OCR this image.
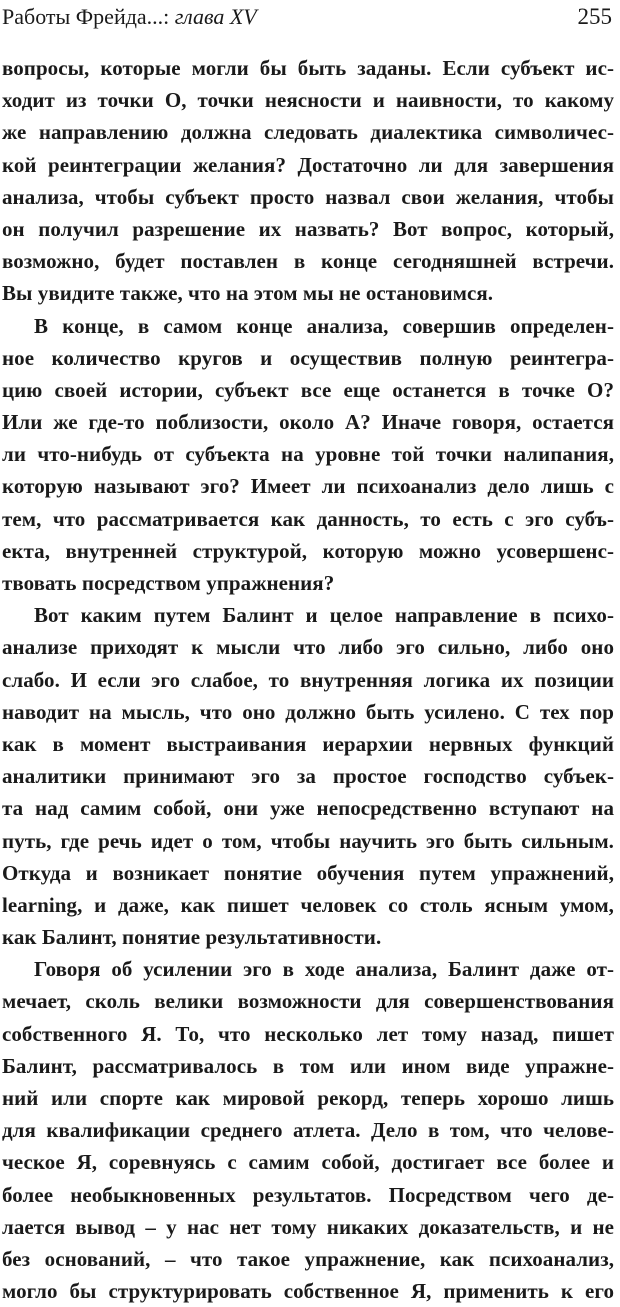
Работы Фрейда...: глава XV	255
вопросы, которые могли бы быть заданы. Если субъект ис-
ходит из точки О, точки неясности и наивности, то какому
же направлению должна следовать диалектика символичес-
кой реинтеграции желания? Достаточно ли для завершения
анализа, чтобы субъект просто назвал свои желания, чтобы
он получил разрешение их назвать? Вот вопрос, который,
возможно, будет поставлен в конце сегодняшней встречи.
Вы увидите также, что на этом мы не остановимся.
В конце, в самом конце анализа, совершив определен-
ное количество кругов и осуществив полную реинтегра-
цию своей истории, субъект все еще останется в точке О?
Или же где-то поблизости, около А? Иначе говоря, остается
ли что-нибудь от субъекта на уровне той точки налипания,
которую называют эго? Имеет ли психоанализ дело лишь с
тем, что рассматривается как данность, то есть с эго субъ-
екта, внутренней структурой, которую можно усовершенс-
твовать посредством упражнения?
Вот каким путем Балинт и целое направление в психо-
анализе приходят к мысли что либо эго сильно, либо оно
слабо. И если эго слабое, то внутренняя логика их позиции
наводит на мысль, что оно должно быть усилено. С тех пор
как в момент выстраивания иерархии нервных функций
аналитики принимают эго за простое господство субъек-
та над самим собой, они уже непосредственно вступают на
путь, где речь идет о том, чтобы научить эго быть сильным.
Откуда и возникает понятие обучения путем упражнений,
learning, и даже, как пишет человек со столь ясным умом,
как Балинт, понятие результативности.
Говоря об усилении эго в ходе анализа, Балинт даже от-
мечает, сколь велики возможности для совершенствования
собственного Я. То, что несколько лет тому назад, пишет
Балинт, рассматривалось в том или ином виде упражне-
ний или спорте как мировой рекорд, теперь хорошо лишь
для квалификации среднего атлета. Дело в том, что челове-
ческое Я, соревнуясь с самим собой, достигает все более и
более необыкновенных результатов. Посредством чего де-
лается вывод – у нас нет тому никаких доказательств, и не
без оснований, – что такое упражнение, как психоанализ,
могло бы структурировать собственное Я, применить к его
